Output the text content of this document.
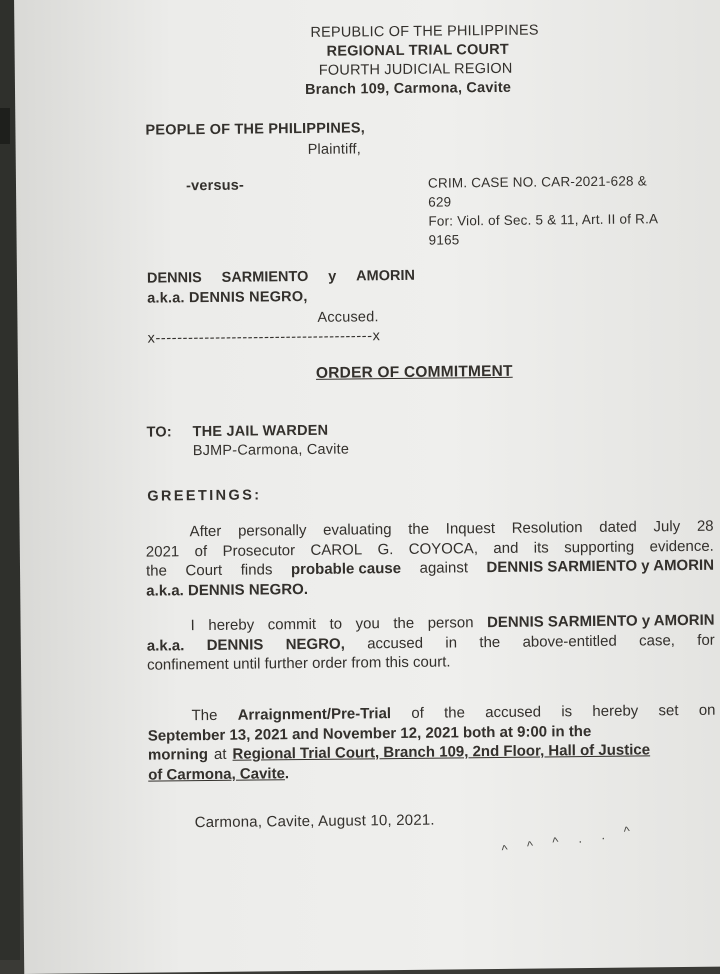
REPUBLIC OF THE PHILIPPINES
REGIONAL TRIAL COURT
FOURTH JUDICIAL REGION
Branch 109, Carmona, Cavite
PEOPLE OF THE PHILIPPINES,
Plaintiff,
-versus-	CRIM. CASE NO. CAR-2021-628 &
629
For: Viol. of Sec. 5 & 11, Art. II of R.A
9165
DENNIS SARMIENTO y AMORIN
a.k.a. DENNIS NEGRO,
Accused.
x----------------------------------------x
ORDER OF COMMITMENT
TO: THE JAIL WARDEN
BJMP-Carmona, Cavite
GREETINGS:
After personally evaluating the Inquest Resolution dated July 28
2021 of Prosecutor CAROL G. COYOCA, and its supporting evidence.
the Court finds probable cause against DENNIS SARMIENTO y AMORIN
a.k.a. DENNIS NEGRO.
I hereby commit to you the person DENNIS SARMIENTO y AMORIN
a.k.a. DENNIS NEGRO, accused in the above-entitled case, for
confinement until further order from this court.
The Arraignment/Pre-Trial of the accused is hereby set on
September 13, 2021 and November 12, 2021 both at 9:00 in the
morning at Regional Trial Court, Branch 109, 2nd Floor, Hall of Justice
of Carmona, Cavite .
Carmona, Cavite, August 10, 2021.
^ ^ ^ . . ^
